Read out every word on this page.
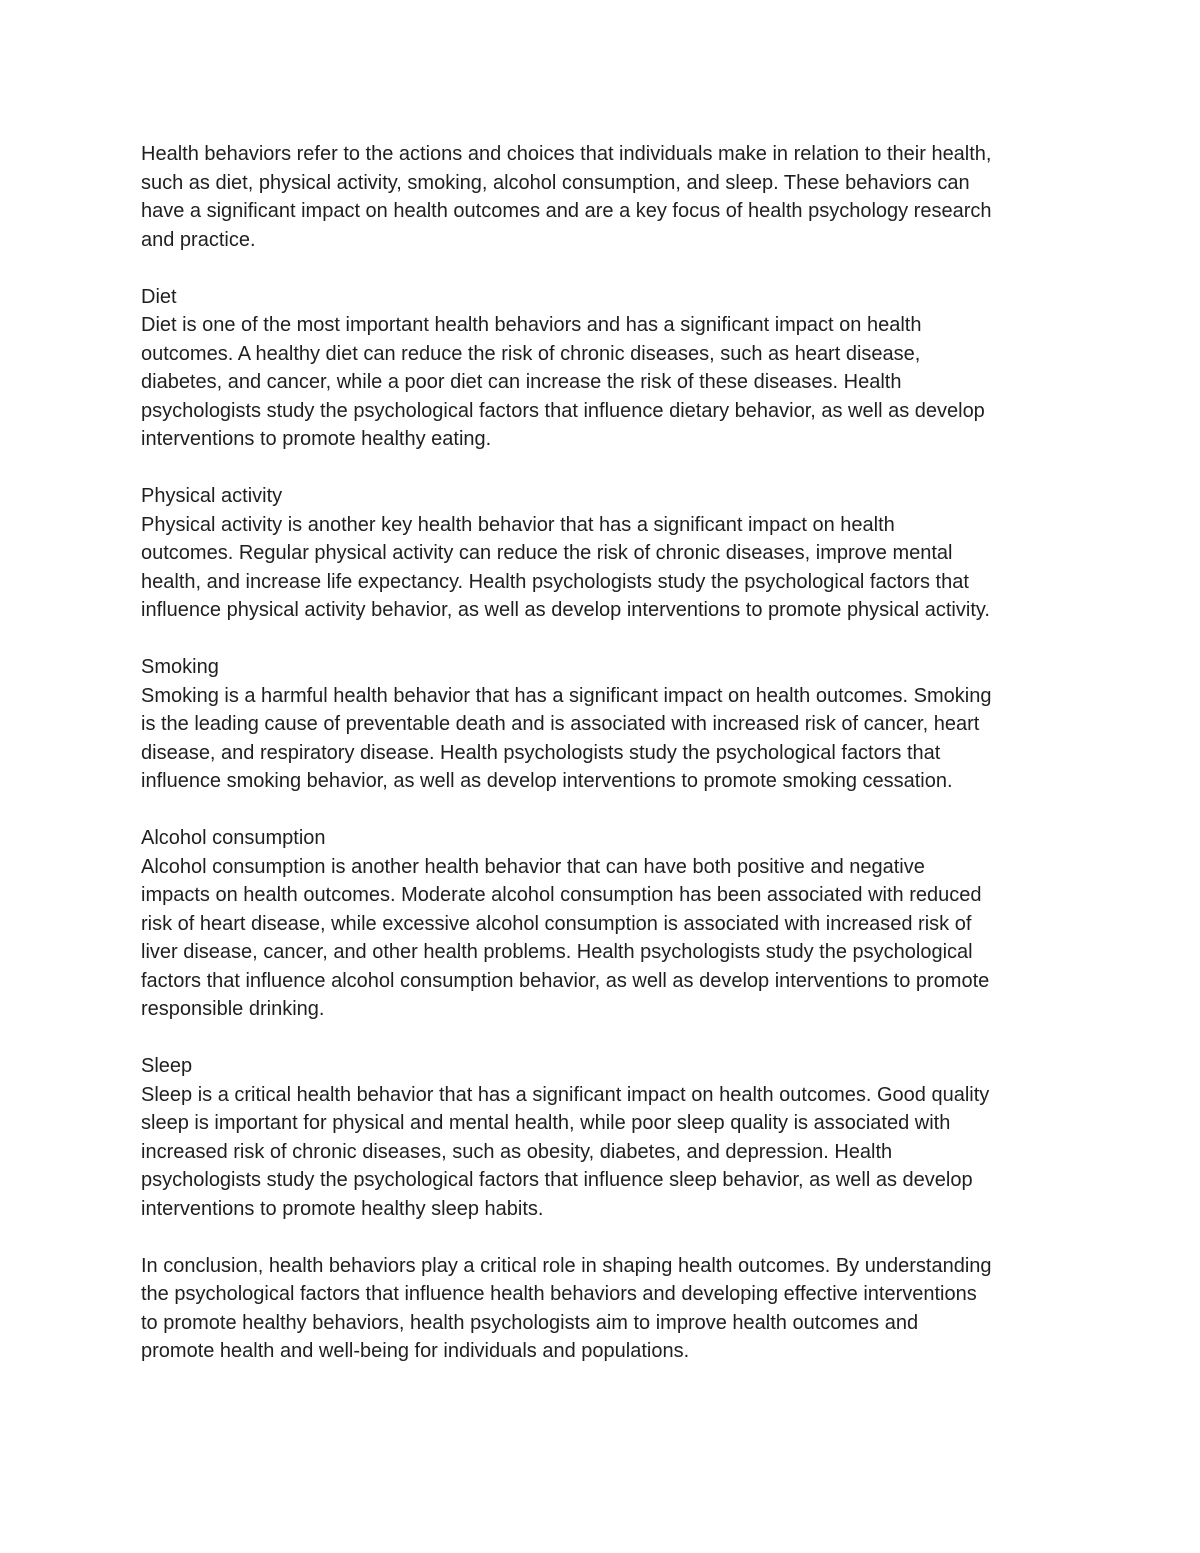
Health behaviors refer to the actions and choices that individuals make in relation to their health,
such as diet, physical activity, smoking, alcohol consumption, and sleep. These behaviors can
have a significant impact on health outcomes and are a key focus of health psychology research
and practice.

Diet

Diet is one of the most important health behaviors and has a significant impact on health
outcomes. A healthy diet can reduce the risk of chronic diseases, such as heart disease,
diabetes, and cancer, while a poor diet can increase the risk of these diseases. Health
psychologists study the psychological factors that influence dietary behavior, as well as develop
interventions to promote healthy eating.

Physical activity

Physical activity is another key health behavior that has a significant impact on health
outcomes. Regular physical activity can reduce the risk of chronic diseases, improve mental
health, and increase life expectancy. Health psychologists study the psychological factors that
influence physical activity behavior, as well as develop interventions to promote physical activity.

Smoking

Smoking is a harmful health behavior that has a significant impact on health outcomes. Smoking
is the leading cause of preventable death and is associated with increased risk of cancer, heart
disease, and respiratory disease. Health psychologists study the psychological factors that
influence smoking behavior, as well as develop interventions to promote smoking cessation.

Alcohol consumption

Alcohol consumption is another health behavior that can have both positive and negative
impacts on health outcomes. Moderate alcohol consumption has been associated with reduced
risk of heart disease, while excessive alcohol consumption is associated with increased risk of
liver disease, cancer, and other health problems. Health psychologists study the psychological
factors that influence alcohol consumption behavior, as well as develop interventions to promote
responsible drinking.

Sleep

Sleep is a critical health behavior that has a significant impact on health outcomes. Good quality
sleep is important for physical and mental health, while poor sleep quality is associated with
increased risk of chronic diseases, such as obesity, diabetes, and depression. Health
psychologists study the psychological factors that influence sleep behavior, as well as develop
interventions to promote healthy sleep habits.

In conclusion, health behaviors play a critical role in shaping health outcomes. By understanding
the psychological factors that influence health behaviors and developing effective interventions
to promote healthy behaviors, health psychologists aim to improve health outcomes and
promote health and well-being for individuals and populations.
